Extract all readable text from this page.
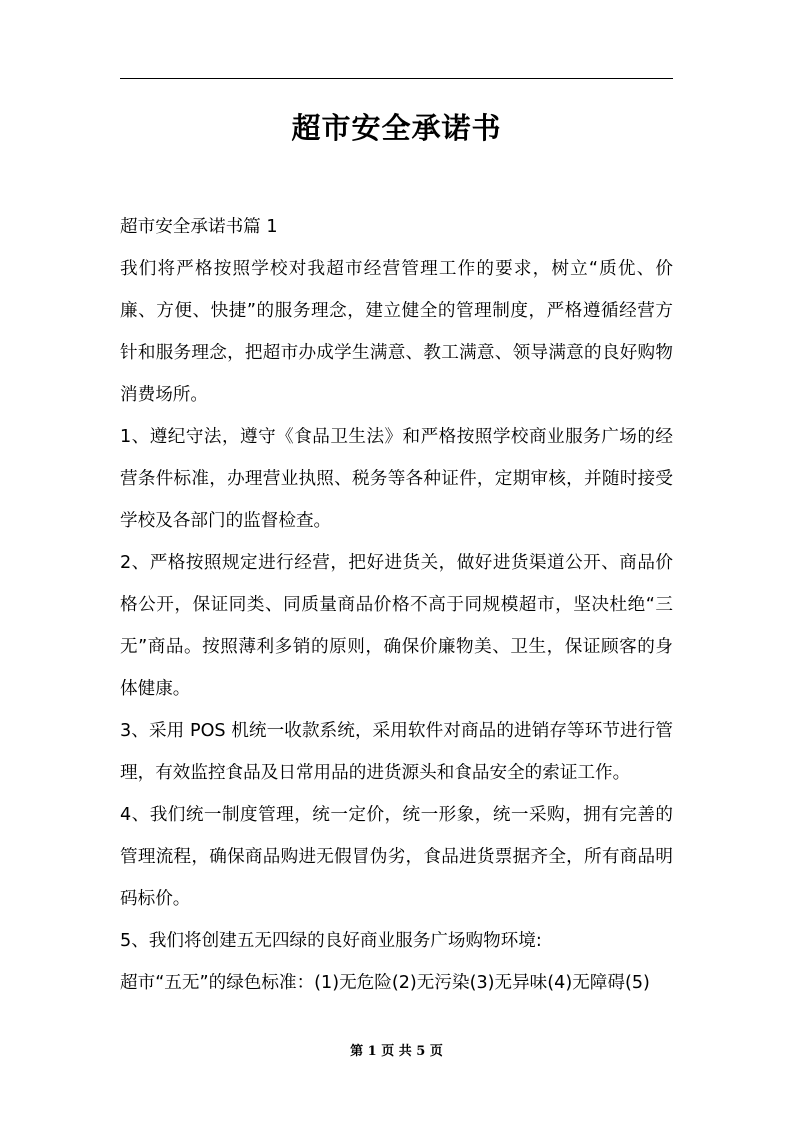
超市安全承诺书

超市安全承诺书篇 1

我们将严格按照学校对我超市经营管理工作的要求，树立“质优、价廉、方便、快捷”的服务理念，建立健全的管理制度，严格遵循经营方针和服务理念，把超市办成学生满意、教工满意、领导满意的良好购物消费场所。

1、遵纪守法，遵守《食品卫生法》和严格按照学校商业服务广场的经营条件标准，办理营业执照、税务等各种证件，定期审核，并随时接受学校及各部门的监督检查。

2、严格按照规定进行经营，把好进货关，做好进货渠道公开、商品价格公开，保证同类、同质量商品价格不高于同规模超市，坚决杜绝“三无”商品。按照薄利多销的原则，确保价廉物美、卫生，保证顾客的身体健康。

3、采用 POS 机统一收款系统，采用软件对商品的进销存等环节进行管理，有效监控食品及日常用品的进货源头和食品安全的索证工作。

4、我们统一制度管理，统一定价，统一形象，统一采购，拥有完善的管理流程，确保商品购进无假冒伪劣，食品进货票据齐全，所有商品明码标价。

5、我们将创建五无四绿的良好商业服务广场购物环境:

超市“五无”的绿色标准：(1)无危险(2)无污染(3)无异味(4)无障碍(5)

第 1 页 共 5 页
